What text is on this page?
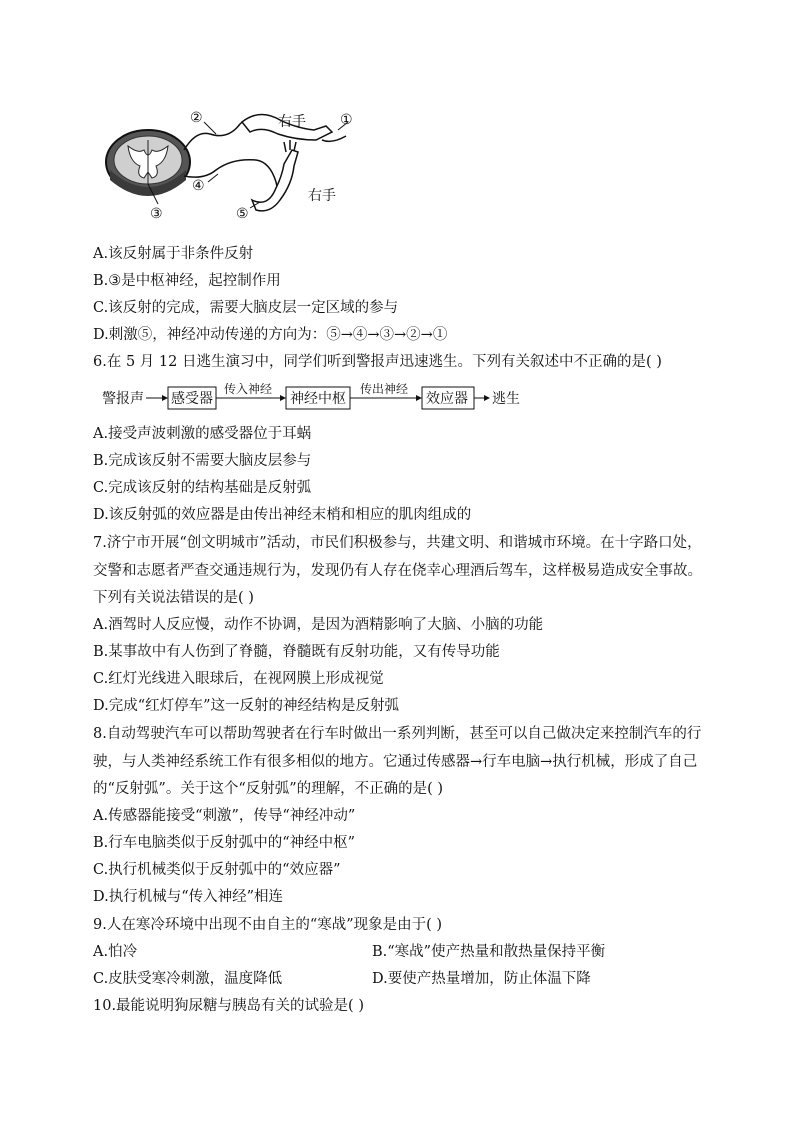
②	右手 ①
④
右手
③	⑤
A.该反射属于非条件反射
B.③是中枢神经，起控制作用
C.该反射的完成，需要大脑皮层一定区域的参与
D.刺激⑤，神经冲动传递的方向为：⑤→④→③→②→①
6.在 5 月 12 日逃生演习中，同学们听到警报声迅速逃生。下列有关叙述中不正确的是( )
警报声 感受器
传入神经
神经中枢
传出神经
效应器 逃生
A.接受声波刺激的感受器位于耳蜗
B.完成该反射不需要大脑皮层参与
C.完成该反射的结构基础是反射弧
D.该反射弧的效应器是由传出神经末梢和相应的肌肉组成的
7.济宁市开展“创文明城市”活动，市民们积极参与，共建文明、和谐城市环境。在十字路口处，
交警和志愿者严查交通违规行为，发现仍有人存在侥幸心理酒后驾车，这样极易造成安全事故。
下列有关说法错误的是( )
A.酒驾时人反应慢，动作不协调，是因为酒精影响了大脑、小脑的功能
B.某事故中有人伤到了脊髓，脊髓既有反射功能，又有传导功能
C.红灯光线进入眼球后，在视网膜上形成视觉
D.完成“红灯停车”这一反射的神经结构是反射弧
8.自动驾驶汽车可以帮助驾驶者在行车时做出一系列判断，甚至可以自己做决定来控制汽车的行
驶，与人类神经系统工作有很多相似的地方。它通过传感器→行车电脑→执行机械，形成了自己
的“反射弧”。关于这个“反射弧”的理解，不正确的是( )
A.传感器能接受“刺激”，传导“神经冲动”
B.行车电脑类似于反射弧中的“神经中枢”
C.执行机械类似于反射弧中的“效应器”
D.执行机械与“传入神经”相连
9.人在寒冷环境中出现不由自主的“寒战”现象是由于( )
A.怕冷	B.“寒战”使产热量和散热量保持平衡
C.皮肤受寒冷刺激，温度降低	D.要使产热量增加，防止体温下降
10.最能说明狗尿糖与胰岛有关的试验是( )
